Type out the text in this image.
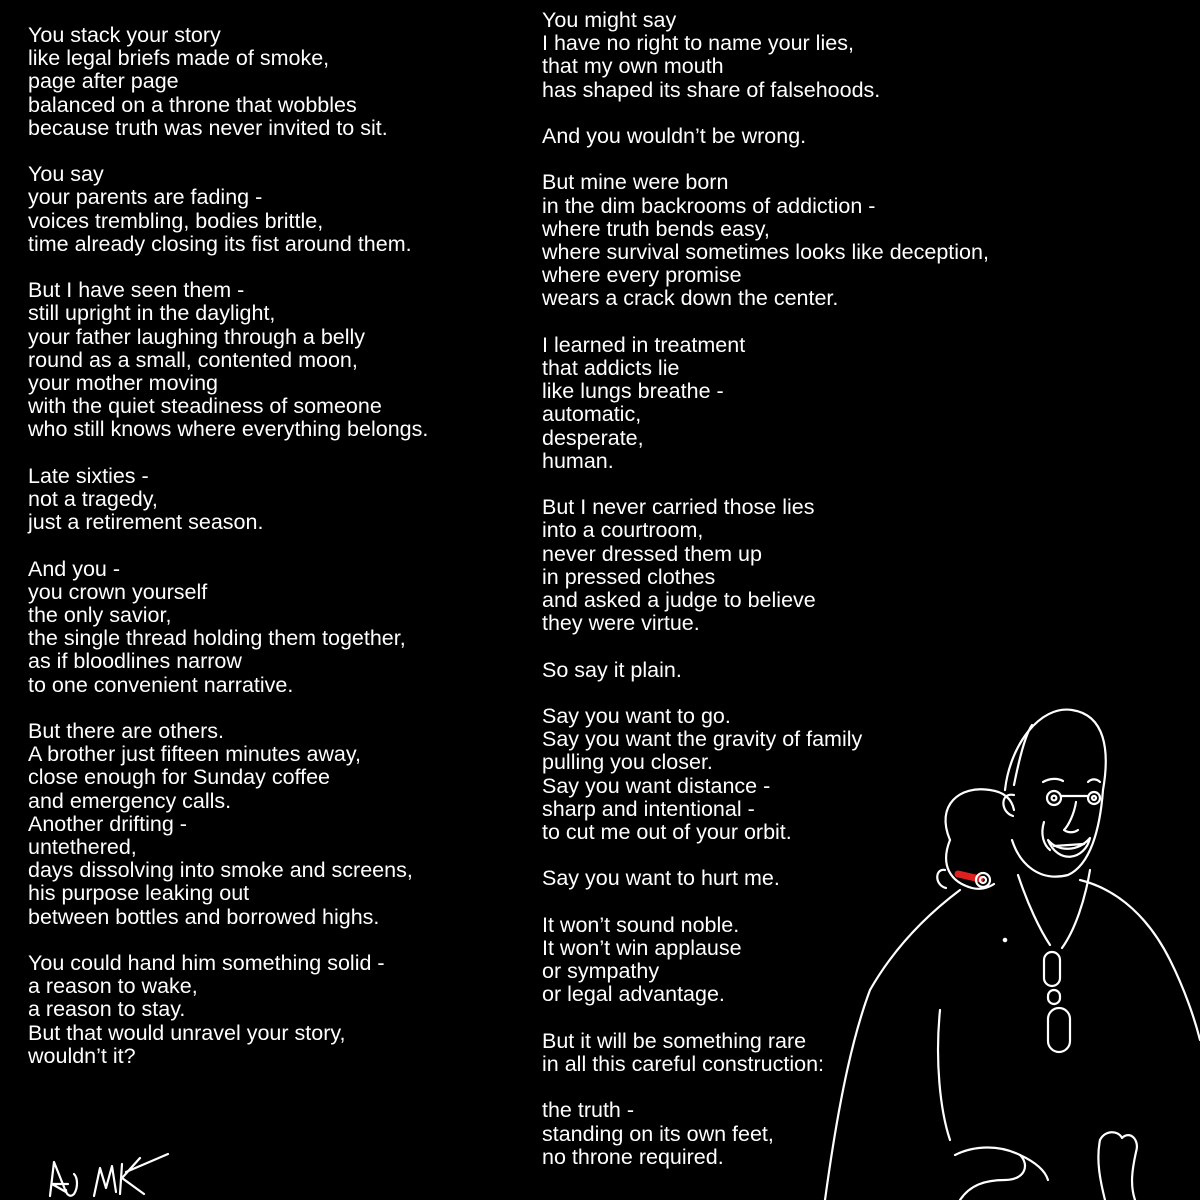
You stack your story
like legal briefs made of smoke,
page after page
balanced on a throne that wobbles
because truth was never invited to sit.
You say
your parents are fading -
voices trembling, bodies brittle,
time already closing its fist around them.
But I have seen them -
still upright in the daylight,
your father laughing through a belly
round as a small, contented moon,
your mother moving
with the quiet steadiness of someone
who still knows where everything belongs.
Late sixties -
not a tragedy,
just a retirement season.
And you -
you crown yourself
the only savior,
the single thread holding them together,
as if bloodlines narrow
to one convenient narrative.
But there are others.
A brother just fifteen minutes away,
close enough for Sunday coffee
and emergency calls.
Another drifting -
untethered,
days dissolving into smoke and screens,
his purpose leaking out
between bottles and borrowed highs.
You could hand him something solid -
a reason to wake,
a reason to stay.
But that would unravel your story,
wouldn’t it?
You might say
I have no right to name your lies,
that my own mouth
has shaped its share of falsehoods.
And you wouldn’t be wrong.
But mine were born
in the dim backrooms of addiction -
where truth bends easy,
where survival sometimes looks like deception,
where every promise
wears a crack down the center.
I learned in treatment
that addicts lie
like lungs breathe -
automatic,
desperate,
human.
But I never carried those lies
into a courtroom,
never dressed them up
in pressed clothes
and asked a judge to believe
they were virtue.
So say it plain.
Say you want to go.
Say you want the gravity of family
pulling you closer.
Say you want distance -
sharp and intentional -
to cut me out of your orbit.
Say you want to hurt me.
It won’t sound noble.
It won’t win applause
or sympathy
or legal advantage.
But it will be something rare
in all this careful construction:
the truth -
standing on its own feet,
no throne required.
